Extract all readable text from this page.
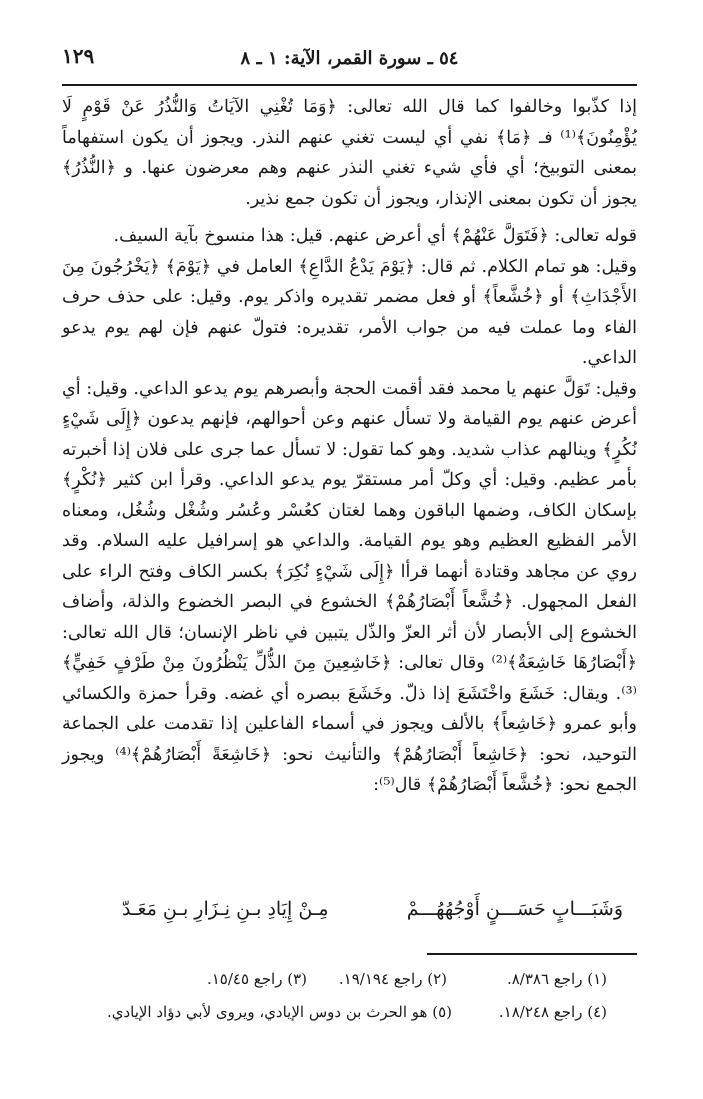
٥٤ ـ سورة القمر، الآية: ١ ـ ٨
١٢٩

إذا كذّبوا وخالفوا كما قال الله تعالى: ﴿وَمَا تُغْنِي الآيَاتُ وَالنُّذُرُ عَنْ قَوْمٍ لَا يُؤْمِنُونَ﴾⁽¹⁾ فـ ﴿مَا﴾ نفي أي ليست تغني عنهم النذر. ويجوز أن يكون استفهاماً بمعنى التوبيخ؛ أي فأي شيء تغني النذر عنهم وهم معرضون عنها. و ﴿النُّذُرُ﴾ يجوز أن تكون بمعنى الإنذار، ويجوز أن تكون جمع نذير.

قوله تعالى: ﴿فَتَوَلَّ عَنْهُمْ﴾ أي أعرض عنهم. قيل: هذا منسوخ بآية السيف.

وقيل: هو تمام الكلام. ثم قال: ﴿يَوْمَ يَدْعُ الدَّاعِ﴾ العامل في ﴿يَوْمَ﴾ ﴿يَخْرُجُونَ مِنَ الأَجْدَاثِ﴾ أو ﴿خُشَّعاً﴾ أو فعل مضمر تقديره واذكر يوم. وقيل: على حذف حرف الفاء وما عملت فيه من جواب الأمر، تقديره: فتولّ عنهم فإن لهم يوم يدعو الداعي.

وقيل: تَوَلَّ عنهم يا محمد فقد أقمت الحجة وأبصرهم يوم يدعو الداعي. وقيل: أي أعرض عنهم يوم القيامة ولا تسأل عنهم وعن أحوالهم، فإنهم يدعون ﴿إِلَى شَيْءٍ نُكُرٍ﴾ وينالهم عذاب شديد. وهو كما تقول: لا تسأل عما جرى على فلان إذا أخبرته بأمر عظيم. وقيل: أي وكلّ أمر مستقرّ يوم يدعو الداعي. وقرأ ابن كثير ﴿نُكْرٍ﴾ بإسكان الكاف، وضمها الباقون وهما لغتان كعُسْر وعُسُر وشُغْل وشُغُل، ومعناه الأمر الفظيع العظيم وهو يوم القيامة. والداعي هو إسرافيل عليه السلام. وقد روي عن مجاهد وقتادة أنهما قرأا ﴿إِلَى شَيْءٍ نُكِرَ﴾ بكسر الكاف وفتح الراء على الفعل المجهول. ﴿خُشَّعاً أَبْصَارُهُمْ﴾ الخشوع في البصر الخضوع والذلة، وأضاف الخشوع إلى الأبصار لأن أثر العزّ والذّل يتبين في ناظر الإنسان؛ قال الله تعالى: ﴿أَبْصَارُهَا خَاشِعَةٌ﴾⁽²⁾ وقال تعالى: ﴿خَاشِعِينَ مِنَ الذُّلِّ يَنْظُرُونَ مِنْ طَرْفٍ خَفِيٍّ﴾⁽³⁾. ويقال: خَشَعَ واخْتَشَعَ إذا ذلّ. وخَشَعَ ببصره أي غضه. وقرأ حمزة والكسائي وأبو عمرو ﴿خَاشِعاً﴾ بالألف ويجوز في أسماء الفاعلين إذا تقدمت على الجماعة التوحيد، نحو: ﴿خَاشِعاً أَبْصَارُهُمْ﴾ والتأنيث نحو: ﴿خَاشِعَةً أَبْصَارُهُمْ﴾⁽⁴⁾ ويجوز الجمع نحو: ﴿خُشَّعاً أَبْصَارُهُمْ﴾ قال⁽⁵⁾:

وَشَبَـــابٍ حَسَـــنٍ أَوْجُهُهُـــمْ
مِـنْ إِيَادِ بـنِ نِـزَارِ بـنِ مَعَـدّ
(١) راجع ٨/٣٨٦.
(٢) راجع ١٩/١٩٤.
(٣) راجع ١٥/٤٥.
(٤) راجع ١٨/٢٤٨.
(٥) هو الحرث بن دوس الإيادي، ويروى لأبي دؤاد الإيادي.
